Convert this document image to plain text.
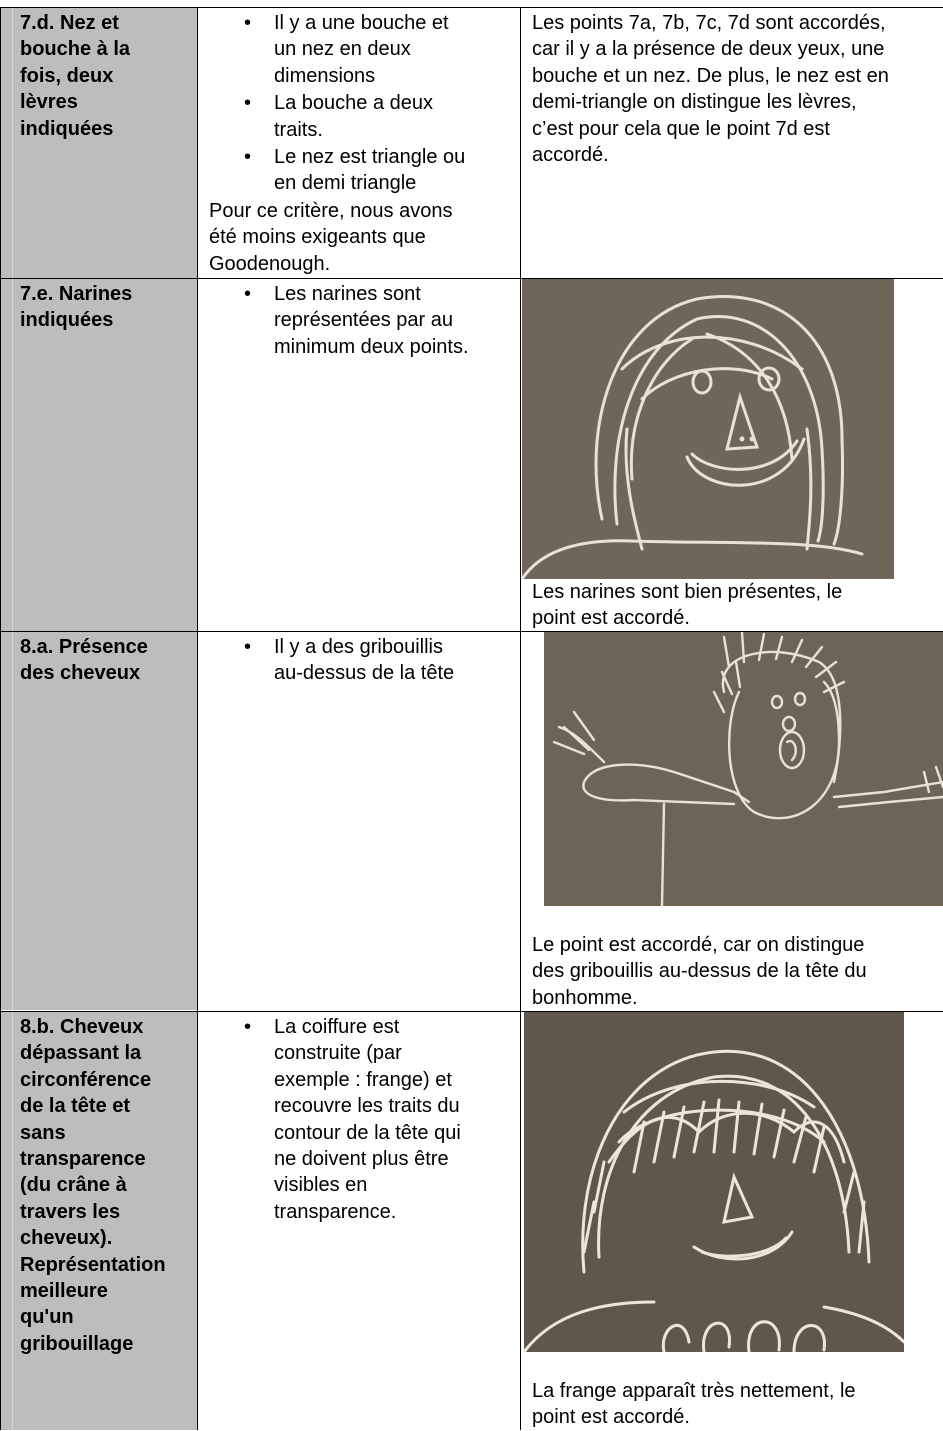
7.d. Nez et
bouche à la
fois, deux
lèvres
indiquées
• Il y a une bouche et
un nez en deux
dimensions
• La bouche a deux
traits.
• Le nez est triangle ou
en demi triangle
Pour ce critère, nous avons
été moins exigeants que
Goodenough.
Les points 7a, 7b, 7c, 7d sont accordés,
car il y a la présence de deux yeux, une
bouche et un nez. De plus, le nez est en
demi-triangle on distingue les lèvres,
c’est pour cela que le point 7d est
accordé.
7.e. Narines
indiquées
• Les narines sont
représentées par au
minimum deux points.
Les narines sont bien présentes, le
point est accordé.
8.a. Présence
des cheveux
• Il y a des gribouillis
au-dessus de la tête
Le point est accordé, car on distingue
des gribouillis au-dessus de la tête du
bonhomme.
8.b. Cheveux
dépassant la
circonférence
de la tête et
sans
transparence
(du crâne à
travers les
cheveux).
Représentation
meilleure
qu'un
gribouillage
• La coiffure est
construite (par
exemple : frange) et
recouvre les traits du
contour de la tête qui
ne doivent plus être
visibles en
transparence.
La frange apparaît très nettement, le
point est accordé.
